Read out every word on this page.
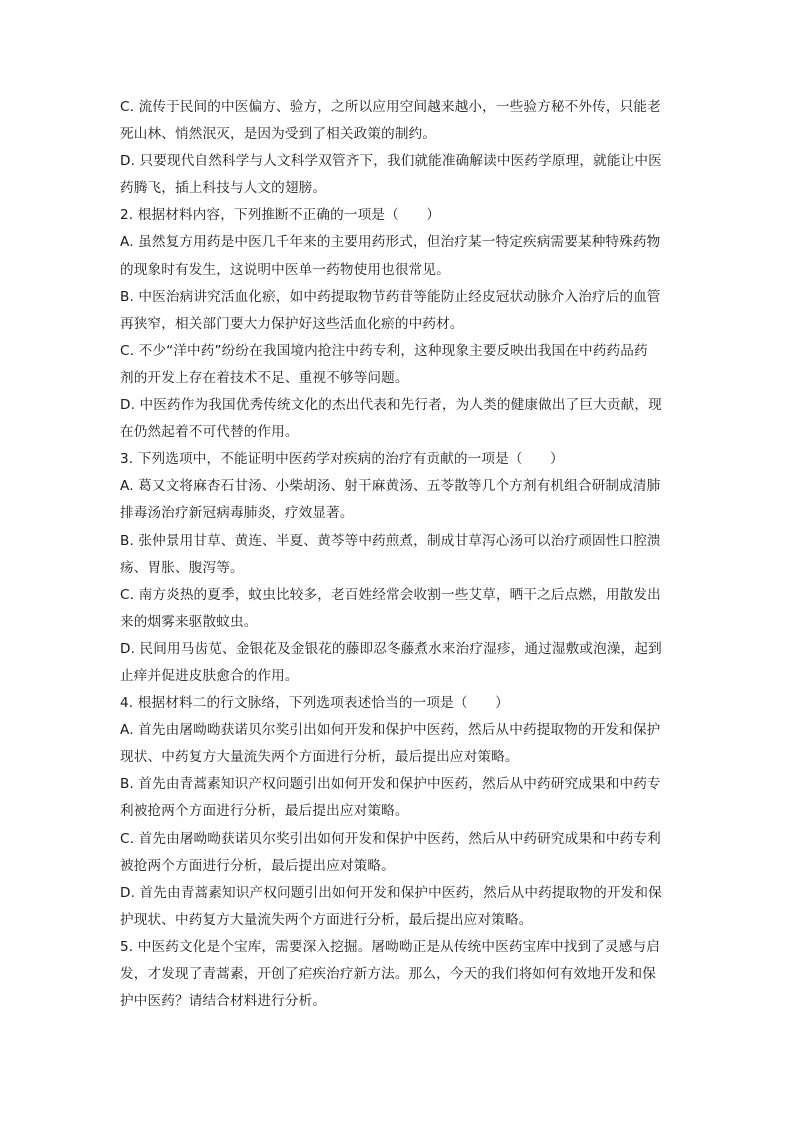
C. 流传于民间的中医偏方、验方，之所以应用空间越来越小，一些验方秘不外传，只能老
死山林、悄然泯灭，是因为受到了相关政策的制约。
D. 只要现代自然科学与人文科学双管齐下，我们就能准确解读中医药学原理，就能让中医
药腾飞，插上科技与人文的翅膀。
2. 根据材料内容，下列推断不正确的一项是（　　）
A. 虽然复方用药是中医几千年来的主要用药形式，但治疗某一特定疾病需要某种特殊药物
的现象时有发生，这说明中医单一药物使用也很常见。
B. 中医治病讲究活血化瘀，如中药提取物节药苷等能防止经皮冠状动脉介入治疗后的血管
再狭窄，相关部门要大力保护好这些活血化瘀的中药材。
C. 不少“洋中药”纷纷在我国境内抢注中药专利，这种现象主要反映出我国在中药药品药
剂的开发上存在着技术不足、重视不够等问题。
D. 中医药作为我国优秀传统文化的杰出代表和先行者，为人类的健康做出了巨大贡献，现
在仍然起着不可代替的作用。
3. 下列选项中，不能证明中医药学对疾病的治疗有贡献的一项是（　　）
A. 葛又文将麻杏石甘汤、小柴胡汤、射干麻黄汤、五苓散等几个方剂有机组合研制成清肺
排毒汤治疗新冠病毒肺炎，疗效显著。
B. 张仲景用甘草、黄连、半夏、黄芩等中药煎煮，制成甘草泻心汤可以治疗顽固性口腔溃
疡、胃胀、腹泻等。
C. 南方炎热的夏季，蚊虫比较多，老百姓经常会收割一些艾草，晒干之后点燃，用散发出
来的烟雾来驱散蚊虫。
D. 民间用马齿苋、金银花及金银花的藤即忍冬藤煮水来治疗湿疹，通过湿敷或泡澡，起到
止痒并促进皮肤愈合的作用。
4. 根据材料二的行文脉络，下列选项表述恰当的一项是（　　）
A. 首先由屠呦呦获诺贝尔奖引出如何开发和保护中医药，然后从中药提取物的开发和保护
现状、中药复方大量流失两个方面进行分析，最后提出应对策略。
B. 首先由青蒿素知识产权问题引出如何开发和保护中医药，然后从中药研究成果和中药专
利被抢两个方面进行分析，最后提出应对策略。
C. 首先由屠呦呦获诺贝尔奖引出如何开发和保护中医药，然后从中药研究成果和中药专利
被抢两个方面进行分析，最后提出应对策略。
D. 首先由青蒿素知识产权问题引出如何开发和保护中医药，然后从中药提取物的开发和保
护现状、中药复方大量流失两个方面进行分析，最后提出应对策略。
5. 中医药文化是个宝库，需要深入挖掘。屠呦呦正是从传统中医药宝库中找到了灵感与启
发，才发现了青蒿素，开创了疟疾治疗新方法。那么，今天的我们将如何有效地开发和保
护中医药？请结合材料进行分析。
